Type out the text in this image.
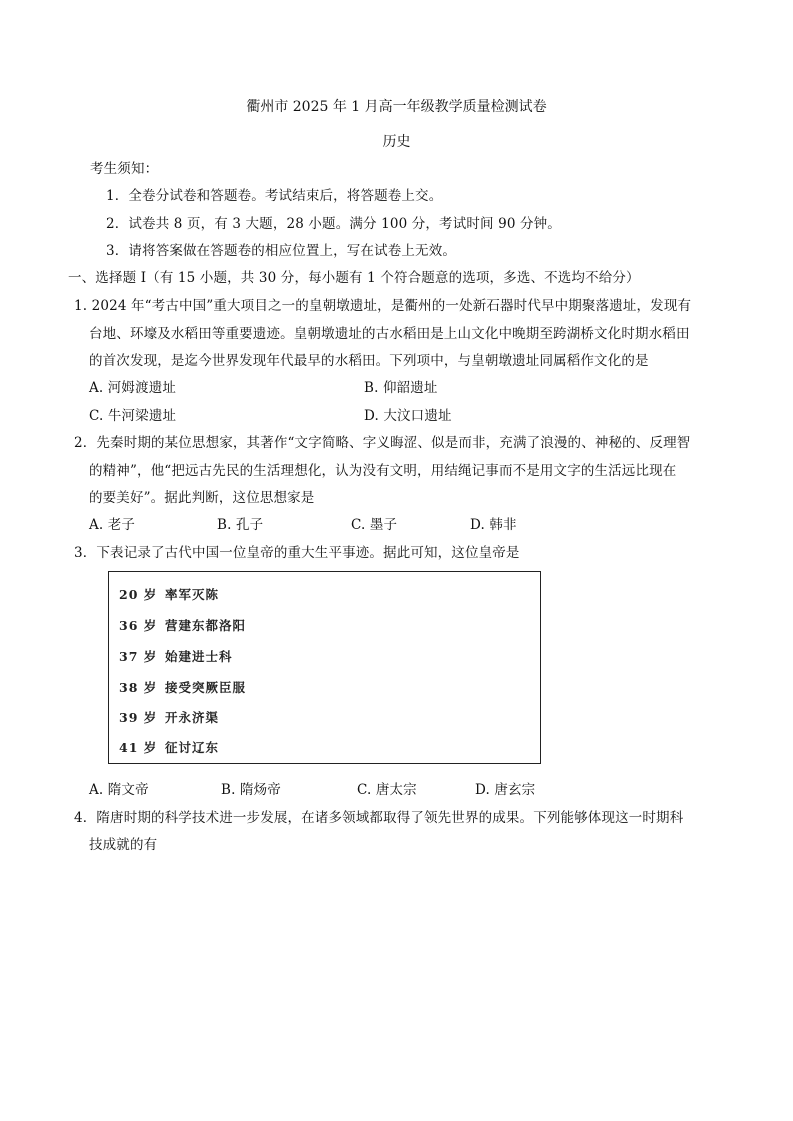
衢州市 2025 年 1 月高一年级教学质量检测试卷
历史
考生须知：
1．全卷分试卷和答题卷。考试结束后，将答题卷上交。
2．试卷共 8 页，有 3 大题，28 小题。满分 100 分，考试时间 90 分钟。
3．请将答案做在答题卷的相应位置上，写在试卷上无效。
一、选择题 I（有 15 小题，共 30 分，每小题有 1 个符合题意的选项，多选、不选均不给分）
1. 2024 年“考古中国”重大项目之一的皇朝墩遗址，是衢州的一处新石器时代早中期聚落遗址，发现有
台地、环壕及水稻田等重要遗迹。皇朝墩遗址的古水稻田是上山文化中晚期至跨湖桥文化时期水稻田
的首次发现，是迄今世界发现年代最早的水稻田。下列项中，与皇朝墩遗址同属稻作文化的是
A. 河姆渡遗址	B. 仰韶遗址
C. 牛河梁遗址	D. 大汶口遗址
2．先秦时期的某位思想家，其著作“文字简略、字义晦涩、似是而非，充满了浪漫的、神秘的、反理智
的精神”，他“把远古先民的生活理想化，认为没有文明，用结绳记事而不是用文字的生活远比现在
的要美好”。据此判断，这位思想家是
A. 老子	B. 孔子	C. 墨子	D. 韩非
3．下表记录了古代中国一位皇帝的重大生平事迹。据此可知，这位皇帝是
20 岁 率军灭陈
36 岁 营建东都洛阳
37 岁 始建进士科
38 岁 接受突厥臣服
39 岁 开永济渠
41 岁 征讨辽东
A. 隋文帝	B. 隋炀帝	C. 唐太宗	D. 唐玄宗
4．隋唐时期的科学技术进一步发展，在诸多领域都取得了领先世界的成果。下列能够体现这一时期科
技成就的有
